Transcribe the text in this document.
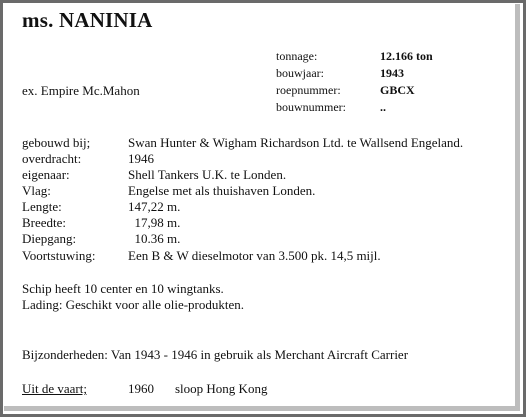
ms. NANINIA
tonnage:	12.166 ton
bouwjaar:	1943
roepnummer:	GBCX
bouwnummer:	..
ex. Empire Mc.Mahon
gebouwd bij;	Swan Hunter & Wigham Richardson Ltd. te Wallsend Engeland.
overdracht:	1946
eigenaar:	Shell Tankers U.K. te Londen.
Vlag:	Engelse met als thuishaven Londen.
Lengte:	147,22 m.
Breedte:	17,98 m.
Diepgang:	10.36 m.
Voortstuwing:	Een B & W dieselmotor van 3.500 pk. 14,5 mijl.
Schip heeft 10 center en 10 wingtanks.
Lading: Geschikt voor alle olie-produkten.
Bijzonderheden: Van 1943 - 1946 in gebruik als Merchant Aircraft Carrier
Uit de vaart;	1960 sloop Hong Kong
